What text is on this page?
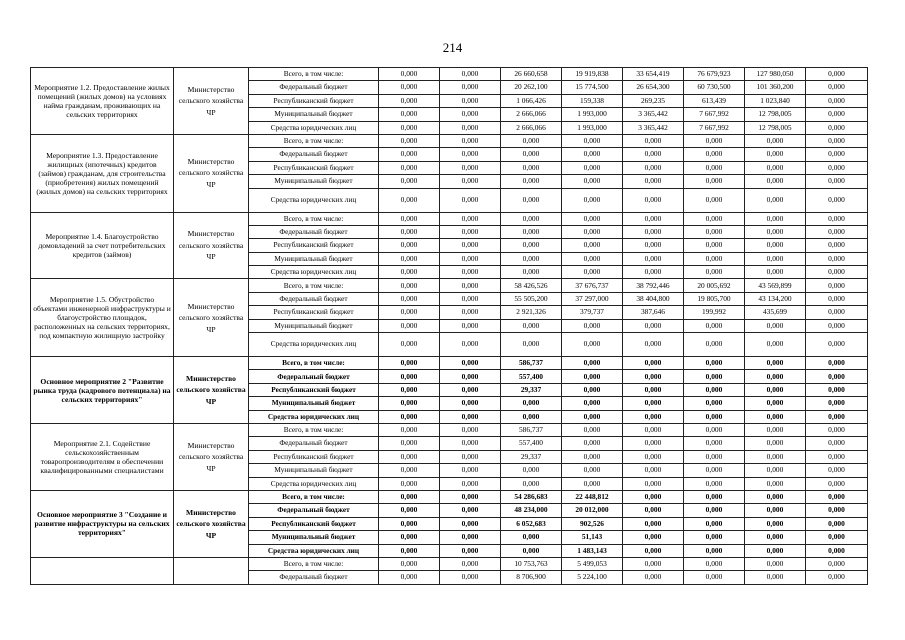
214
Мероприятие 1.2. Предоставление жилых помещений (жилых домов) на условиях найма гражданам, проживающих на сельских территориях	Министерство сельского хозяйства ЧР	Всего, в том числе:	0,000	0,000	26 660,658	19 919,838	33 654,419	76 679,923	127 980,050	0,000
		Федеральный бюджет	0,000	0,000	20 262,100	15 774,500	26 654,300	60 730,500	101 360,200	0,000
		Республиканский бюджет	0,000	0,000	1 066,426	159,338	269,235	613,439	1 023,840	0,000
		Муниципальный бюджет	0,000	0,000	2 666,066	1 993,000	3 365,442	7 667,992	12 798,005	0,000
		Средства юридических лиц	0,000	0,000	2 666,066	1 993,000	3 365,442	7 667,992	12 798,005	0,000
Мероприятие 1.3. Предоставление жилищных (ипотечных) кредитов (займов) гражданам, для строительства (приобретения) жилых помещений (жилых домов) на сельских территориях	Министерство сельского хозяйства ЧР	Всего, в том числе:	0,000	0,000	0,000	0,000	0,000	0,000	0,000	0,000
		Федеральный бюджет	0,000	0,000	0,000	0,000	0,000	0,000	0,000	0,000
		Республиканский бюджет	0,000	0,000	0,000	0,000	0,000	0,000	0,000	0,000
		Муниципальный бюджет	0,000	0,000	0,000	0,000	0,000	0,000	0,000	0,000
		Средства юридических лиц	0,000	0,000	0,000	0,000	0,000	0,000	0,000	0,000
Мероприятие 1.4. Благоустройство домовладений за счет потребительских кредитов (займов)	Министерство сельского хозяйства ЧР	Всего, в том числе:	0,000	0,000	0,000	0,000	0,000	0,000	0,000	0,000
		Федеральный бюджет	0,000	0,000	0,000	0,000	0,000	0,000	0,000	0,000
		Республиканский бюджет	0,000	0,000	0,000	0,000	0,000	0,000	0,000	0,000
		Муниципальный бюджет	0,000	0,000	0,000	0,000	0,000	0,000	0,000	0,000
		Средства юридических лиц	0,000	0,000	0,000	0,000	0,000	0,000	0,000	0,000
Мероприятие 1.5. Обустройство объектами инженерной инфраструктуры и благоустройство площадок, расположенных на сельских территориях, под компактную жилищную застройку	Министерство сельского хозяйства ЧР	Всего, в том числе:	0,000	0,000	58 426,526	37 676,737	38 792,446	20 005,692	43 569,899	0,000
		Федеральный бюджет	0,000	0,000	55 505,200	37 297,000	38 404,800	19 805,700	43 134,200	0,000
		Республиканский бюджет	0,000	0,000	2 921,326	379,737	387,646	199,992	435,699	0,000
		Муниципальный бюджет	0,000	0,000	0,000	0,000	0,000	0,000	0,000	0,000
		Средства юридических лиц	0,000	0,000	0,000	0,000	0,000	0,000	0,000	0,000
Основное мероприятие 2 "Развитие рынка труда (кадрового потенциала) на сельских территориях"	Министерство сельского хозяйства ЧР	Всего, в том числе:	0,000	0,000	586,737	0,000	0,000	0,000	0,000	0,000
		Федеральный бюджет	0,000	0,000	557,400	0,000	0,000	0,000	0,000	0,000
		Республиканский бюджет	0,000	0,000	29,337	0,000	0,000	0,000	0,000	0,000
		Муниципальный бюджет	0,000	0,000	0,000	0,000	0,000	0,000	0,000	0,000
		Средства юридических лиц	0,000	0,000	0,000	0,000	0,000	0,000	0,000	0,000
Мероприятие 2.1. Содействие сельскохозяйственным товаропроизводителям в обеспечении квалифицированными специалистами	Министерство сельского хозяйства ЧР	Всего, в том числе:	0,000	0,000	586,737	0,000	0,000	0,000	0,000	0,000
		Федеральный бюджет	0,000	0,000	557,400	0,000	0,000	0,000	0,000	0,000
		Республиканский бюджет	0,000	0,000	29,337	0,000	0,000	0,000	0,000	0,000
		Муниципальный бюджет	0,000	0,000	0,000	0,000	0,000	0,000	0,000	0,000
		Средства юридических лиц	0,000	0,000	0,000	0,000	0,000	0,000	0,000	0,000
Основное мероприятие 3 "Создание и развитие инфраструктуры на сельских территориях"	Министерство сельского хозяйства ЧР	Всего, в том числе:	0,000	0,000	54 286,683	22 448,812	0,000	0,000	0,000	0,000
		Федеральный бюджет	0,000	0,000	48 234,000	20 012,000	0,000	0,000	0,000	0,000
		Республиканский бюджет	0,000	0,000	6 052,683	902,526	0,000	0,000	0,000	0,000
		Муниципальный бюджет	0,000	0,000	0,000	51,143	0,000	0,000	0,000	0,000
		Средства юридических лиц	0,000	0,000	0,000	1 483,143	0,000	0,000	0,000	0,000
		Всего, в том числе:	0,000	0,000	10 753,763	5 499,053	0,000	0,000	0,000	0,000
		Федеральный бюджет	0,000	0,000	8 706,900	5 224,100	0,000	0,000	0,000	0,000
